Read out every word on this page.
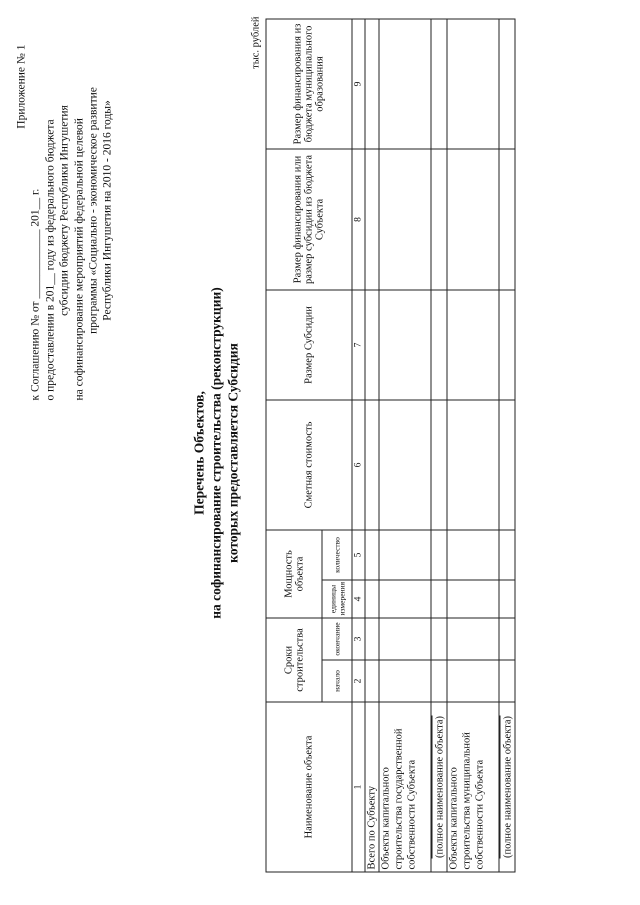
Приложение № 1
к Соглашению № от ____________ 201__ г. о предоставлении в 201__ году из федерального бюджета субсидии бюджету Республики Ингушетия на софинансирование мероприятий федеральной целевой программы «Социально - экономическое развитие Республики Ингушетия на 2010 - 2016 годы»
Перечень Объектов, на софинансирование строительства (реконструкции) которых предоставляется Субсидия
тыс. рублей
Наименование объекта	Сроки строительства		Мощность объекта		Сметная стоимость	Размер Субсидии	Размер финансирования или размер субсидии из бюджета Субъекта	Размер финансирования из бюджета муниципального образования
	начало	окончание	единицы измерения	количество				
1	2	3	4	5	6	7	8	9
Всего по Субъекту								
Объекты капитального строительства государственной собственности Субъекта								
(полное наименование объекта)								
Объекты капитального строительства муниципальной собственности Субъекта								
(полное наименование объекта)								
